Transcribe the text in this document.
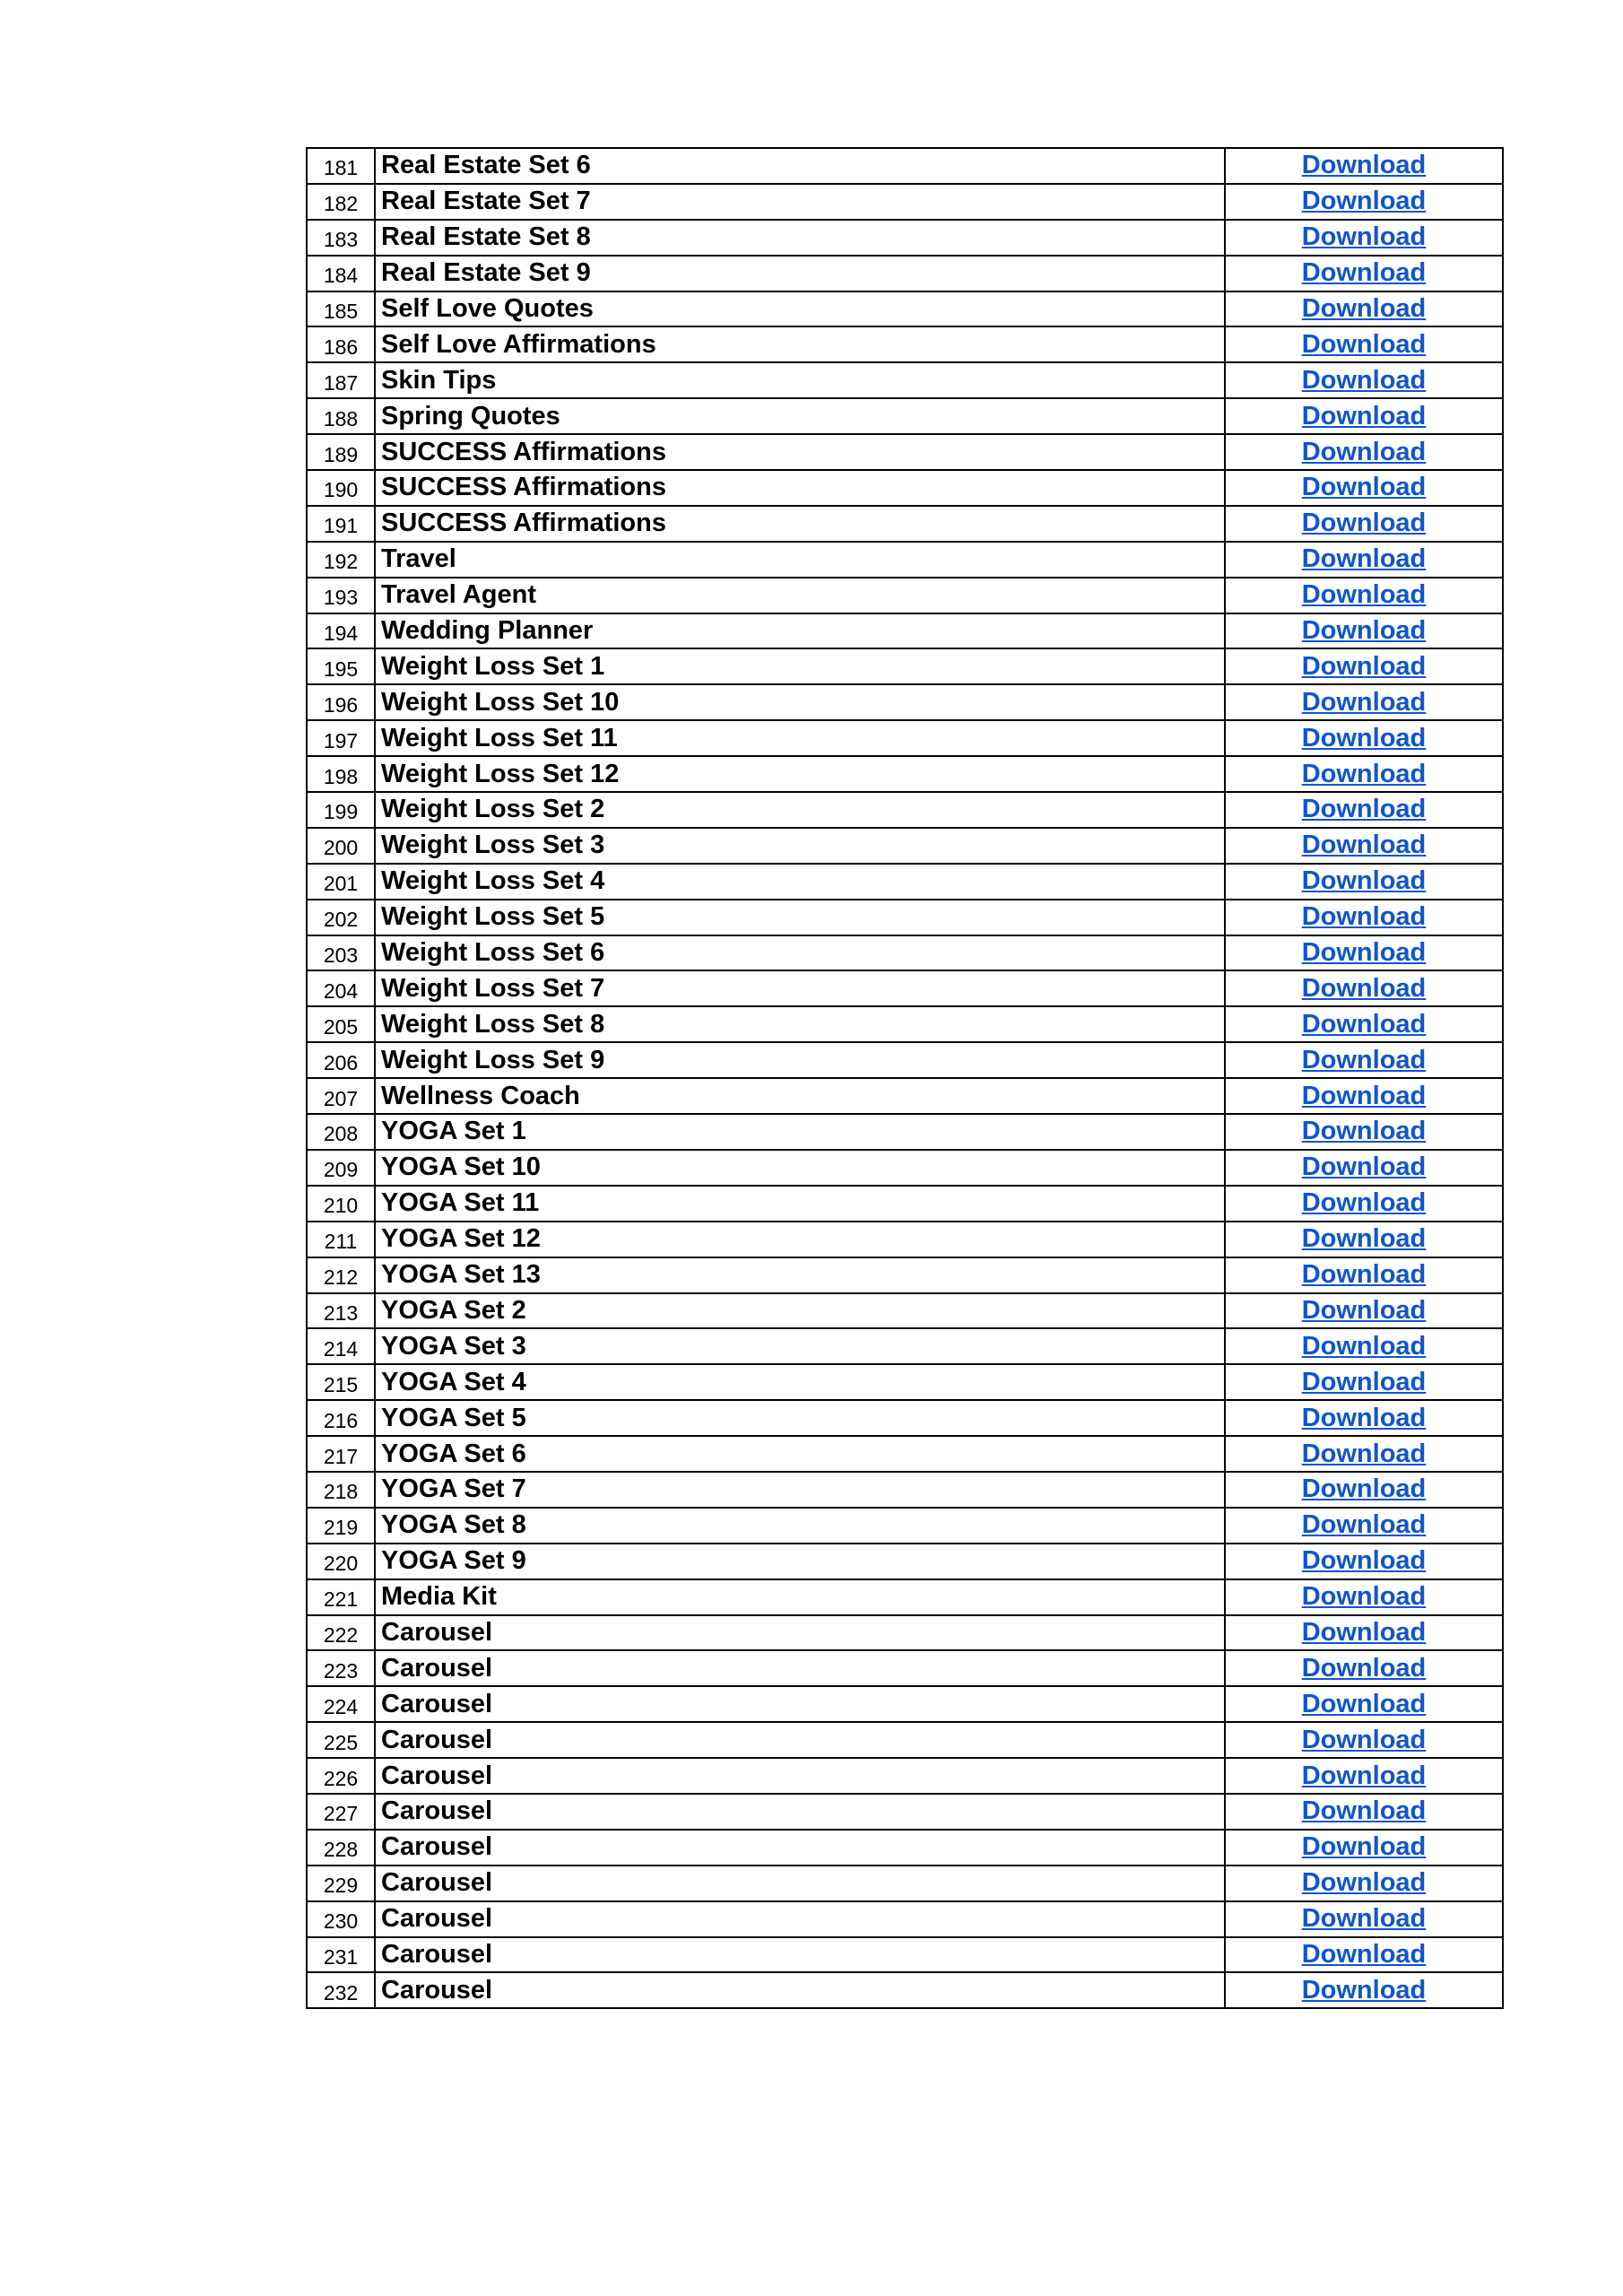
181	Real Estate Set 6	Download
182	Real Estate Set 7	Download
183	Real Estate Set 8	Download
184	Real Estate Set 9	Download
185	Self Love Quotes	Download
186	Self Love Affirmations	Download
187	Skin Tips	Download
188	Spring Quotes	Download
189	SUCCESS Affirmations	Download
190	SUCCESS Affirmations	Download
191	SUCCESS Affirmations	Download
192	Travel	Download
193	Travel Agent	Download
194	Wedding Planner	Download
195	Weight Loss Set 1	Download
196	Weight Loss Set 10	Download
197	Weight Loss Set 11	Download
198	Weight Loss Set 12	Download
199	Weight Loss Set 2	Download
200	Weight Loss Set 3	Download
201	Weight Loss Set 4	Download
202	Weight Loss Set 5	Download
203	Weight Loss Set 6	Download
204	Weight Loss Set 7	Download
205	Weight Loss Set 8	Download
206	Weight Loss Set 9	Download
207	Wellness Coach	Download
208	YOGA Set 1	Download
209	YOGA Set 10	Download
210	YOGA Set 11	Download
211	YOGA Set 12	Download
212	YOGA Set 13	Download
213	YOGA Set 2	Download
214	YOGA Set 3	Download
215	YOGA Set 4	Download
216	YOGA Set 5	Download
217	YOGA Set 6	Download
218	YOGA Set 7	Download
219	YOGA Set 8	Download
220	YOGA Set 9	Download
221	Media Kit	Download
222	Carousel	Download
223	Carousel	Download
224	Carousel	Download
225	Carousel	Download
226	Carousel	Download
227	Carousel	Download
228	Carousel	Download
229	Carousel	Download
230	Carousel	Download
231	Carousel	Download
232	Carousel	Download
